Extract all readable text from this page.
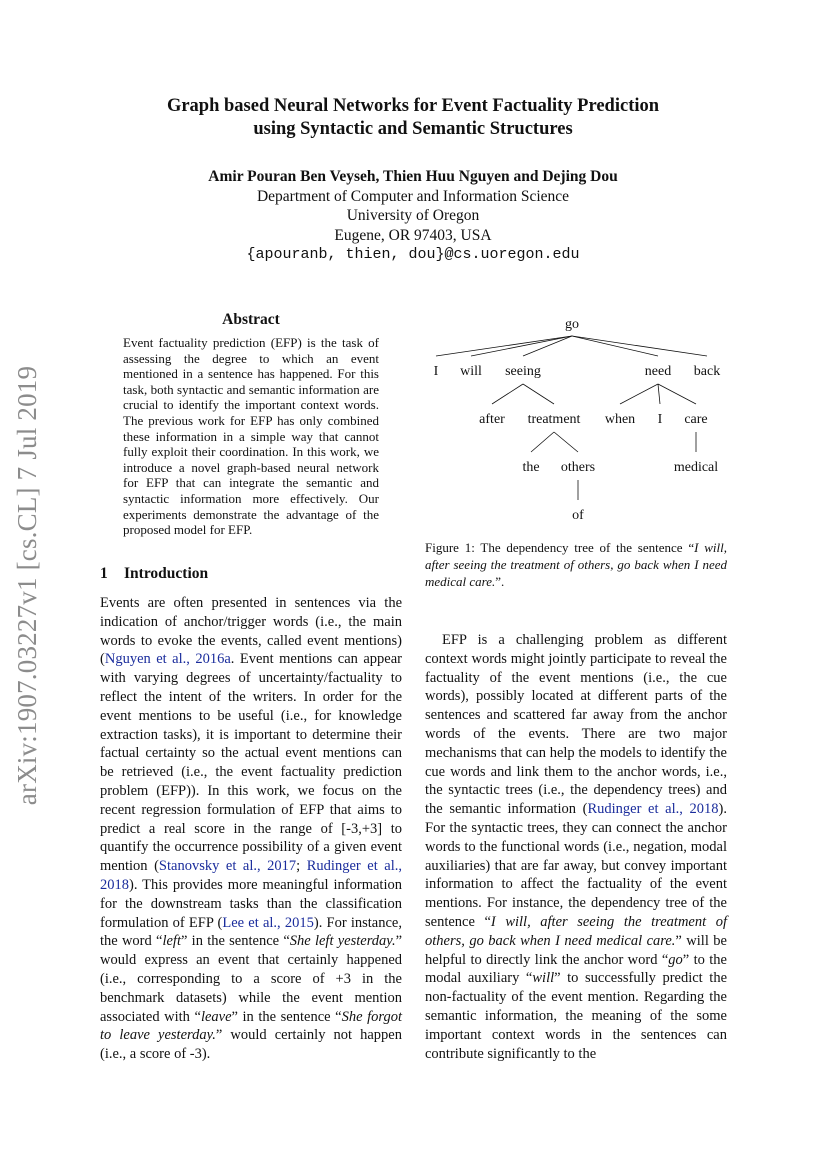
arXiv:1907.03227v1 [cs.CL] 7 Jul 2019
Graph based Neural Networks for Event Factuality Prediction
using Syntactic and Semantic Structures
Amir Pouran Ben Veyseh, Thien Huu Nguyen and Dejing Dou
Department of Computer and Information Science
University of Oregon
Eugene, OR 97403, USA
{apouranb, thien, dou}@cs.uoregon.edu
Abstract

Event factuality prediction (EFP) is the task of assessing the degree to which an event mentioned in a sentence has happened. For this task, both syntactic and semantic information are crucial to identify the important context words. The previous work for EFP has only combined these information in a simple way that cannot fully exploit their coordination. In this work, we introduce a novel graph-based neural network for EFP that can integrate the semantic and syntactic information more effectively. Our experiments demonstrate the advantage of the proposed model for EFP.

1 Introduction

Events are often presented in sentences via the indication of anchor/trigger words (i.e., the main words to evoke the events, called event mentions) (Nguyen et al., 2016a. Event mentions can appear with varying degrees of uncertainty/factuality to reflect the intent of the writers. In order for the event mentions to be useful (i.e., for knowledge extraction tasks), it is important to determine their factual certainty so the actual event mentions can be retrieved (i.e., the event factuality prediction problem (EFP)). In this work, we focus on the recent regression formulation of EFP that aims to predict a real score in the range of [-3,+3] to quantify the occurrence possibility of a given event mention (Stanovsky et al., 2017; Rudinger et al., 2018). This provides more meaningful information for the downstream tasks than the classification formulation of EFP (Lee et al., 2015). For instance, the word “left” in the sentence “She left yesterday.” would express an event that certainly happened (i.e., corresponding to a score of +3 in the benchmark datasets) while the event mention associated with “leave” in the sentence “She forgot to leave yesterday.” would certainly not happen (i.e., a score of -3).

go
I will seeing	need back
after treatment when I care
the others	medical
of

Figure 1: The dependency tree of the sentence “I will, after seeing the treatment of others, go back when I need medical care.”.

EFP is a challenging problem as different context words might jointly participate to reveal the factuality of the event mentions (i.e., the cue words), possibly located at different parts of the sentences and scattered far away from the anchor words of the events. There are two major mechanisms that can help the models to identify the cue words and link them to the anchor words, i.e., the syntactic trees (i.e., the dependency trees) and the semantic information (Rudinger et al., 2018). For the syntactic trees, they can connect the anchor words to the functional words (i.e., negation, modal auxiliaries) that are far away, but convey important information to affect the factuality of the event mentions. For instance, the dependency tree of the sentence “I will, after seeing the treatment of others, go back when I need medical care.” will be helpful to directly link the anchor word “go” to the modal auxiliary “will” to successfully predict the non-factuality of the event mention. Regarding the semantic information, the meaning of the some important context words in the sentences can contribute significantly to the
